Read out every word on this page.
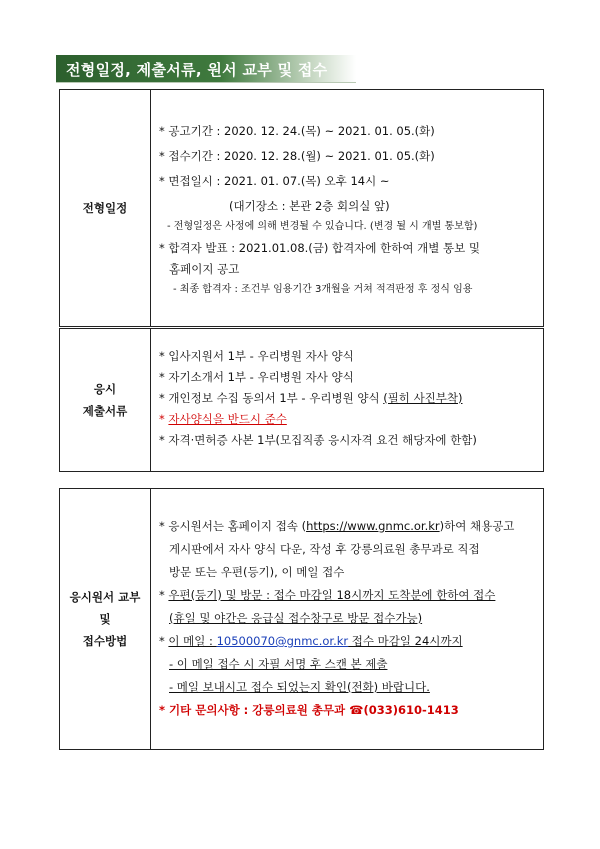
전형일정, 제출서류, 원서 교부 및 접수
전형일정
* 공고기간 : 2020. 12. 24.(목) ~ 2021. 01. 05.(화)
* 접수기간 : 2020. 12. 28.(월) ~ 2021. 01. 05.(화)
* 면접일시 : 2021. 01. 07.(목) 오후 14시 ~
(대기장소 : 본관 2층 회의실 앞)
- 전형일정은 사정에 의해 변경될 수 있습니다. (변경 될 시 개별 통보함)
* 합격자 발표 : 2021.01.08.(금) 합격자에 한하여 개별 통보 및
홈페이지 공고
- 최종 합격자 : 조건부 임용기간 3개월을 거쳐 적격판정 후 정식 임용
응시
제출서류
* 입사지원서 1부 - 우리병원 자사 양식
* 자기소개서 1부 - 우리병원 자사 양식
* 개인정보 수집 동의서 1부 - 우리병원 양식 (필히 사진부착)
* 자사양식을 반드시 준수
* 자격·면허증 사본 1부(모집직종 응시자격 요건 해당자에 한함)
응시원서 교부
및
접수방법
* 응시원서는 홈페이지 접속 (https://www.gnmc.or.kr)하여 채용공고
게시판에서 자사 양식 다운, 작성 후 강릉의료원 총무과로 직접
방문 또는 우편(등기), 이 메일 접수
* 우편(등기) 및 방문 : 접수 마감일 18시까지 도착분에 한하여 접수
(휴일 및 야간은 응급실 접수창구로 방문 접수가능)
* 이 메일 : 10500070@gnmc.or.kr 접수 마감일 24시까지
- 이 메일 접수 시 자필 서명 후 스캔 본 제출
- 메일 보내시고 접수 되었는지 확인(전화) 바랍니다.
* 기타 문의사항 : 강릉의료원 총무과 ☎(033)610-1413
